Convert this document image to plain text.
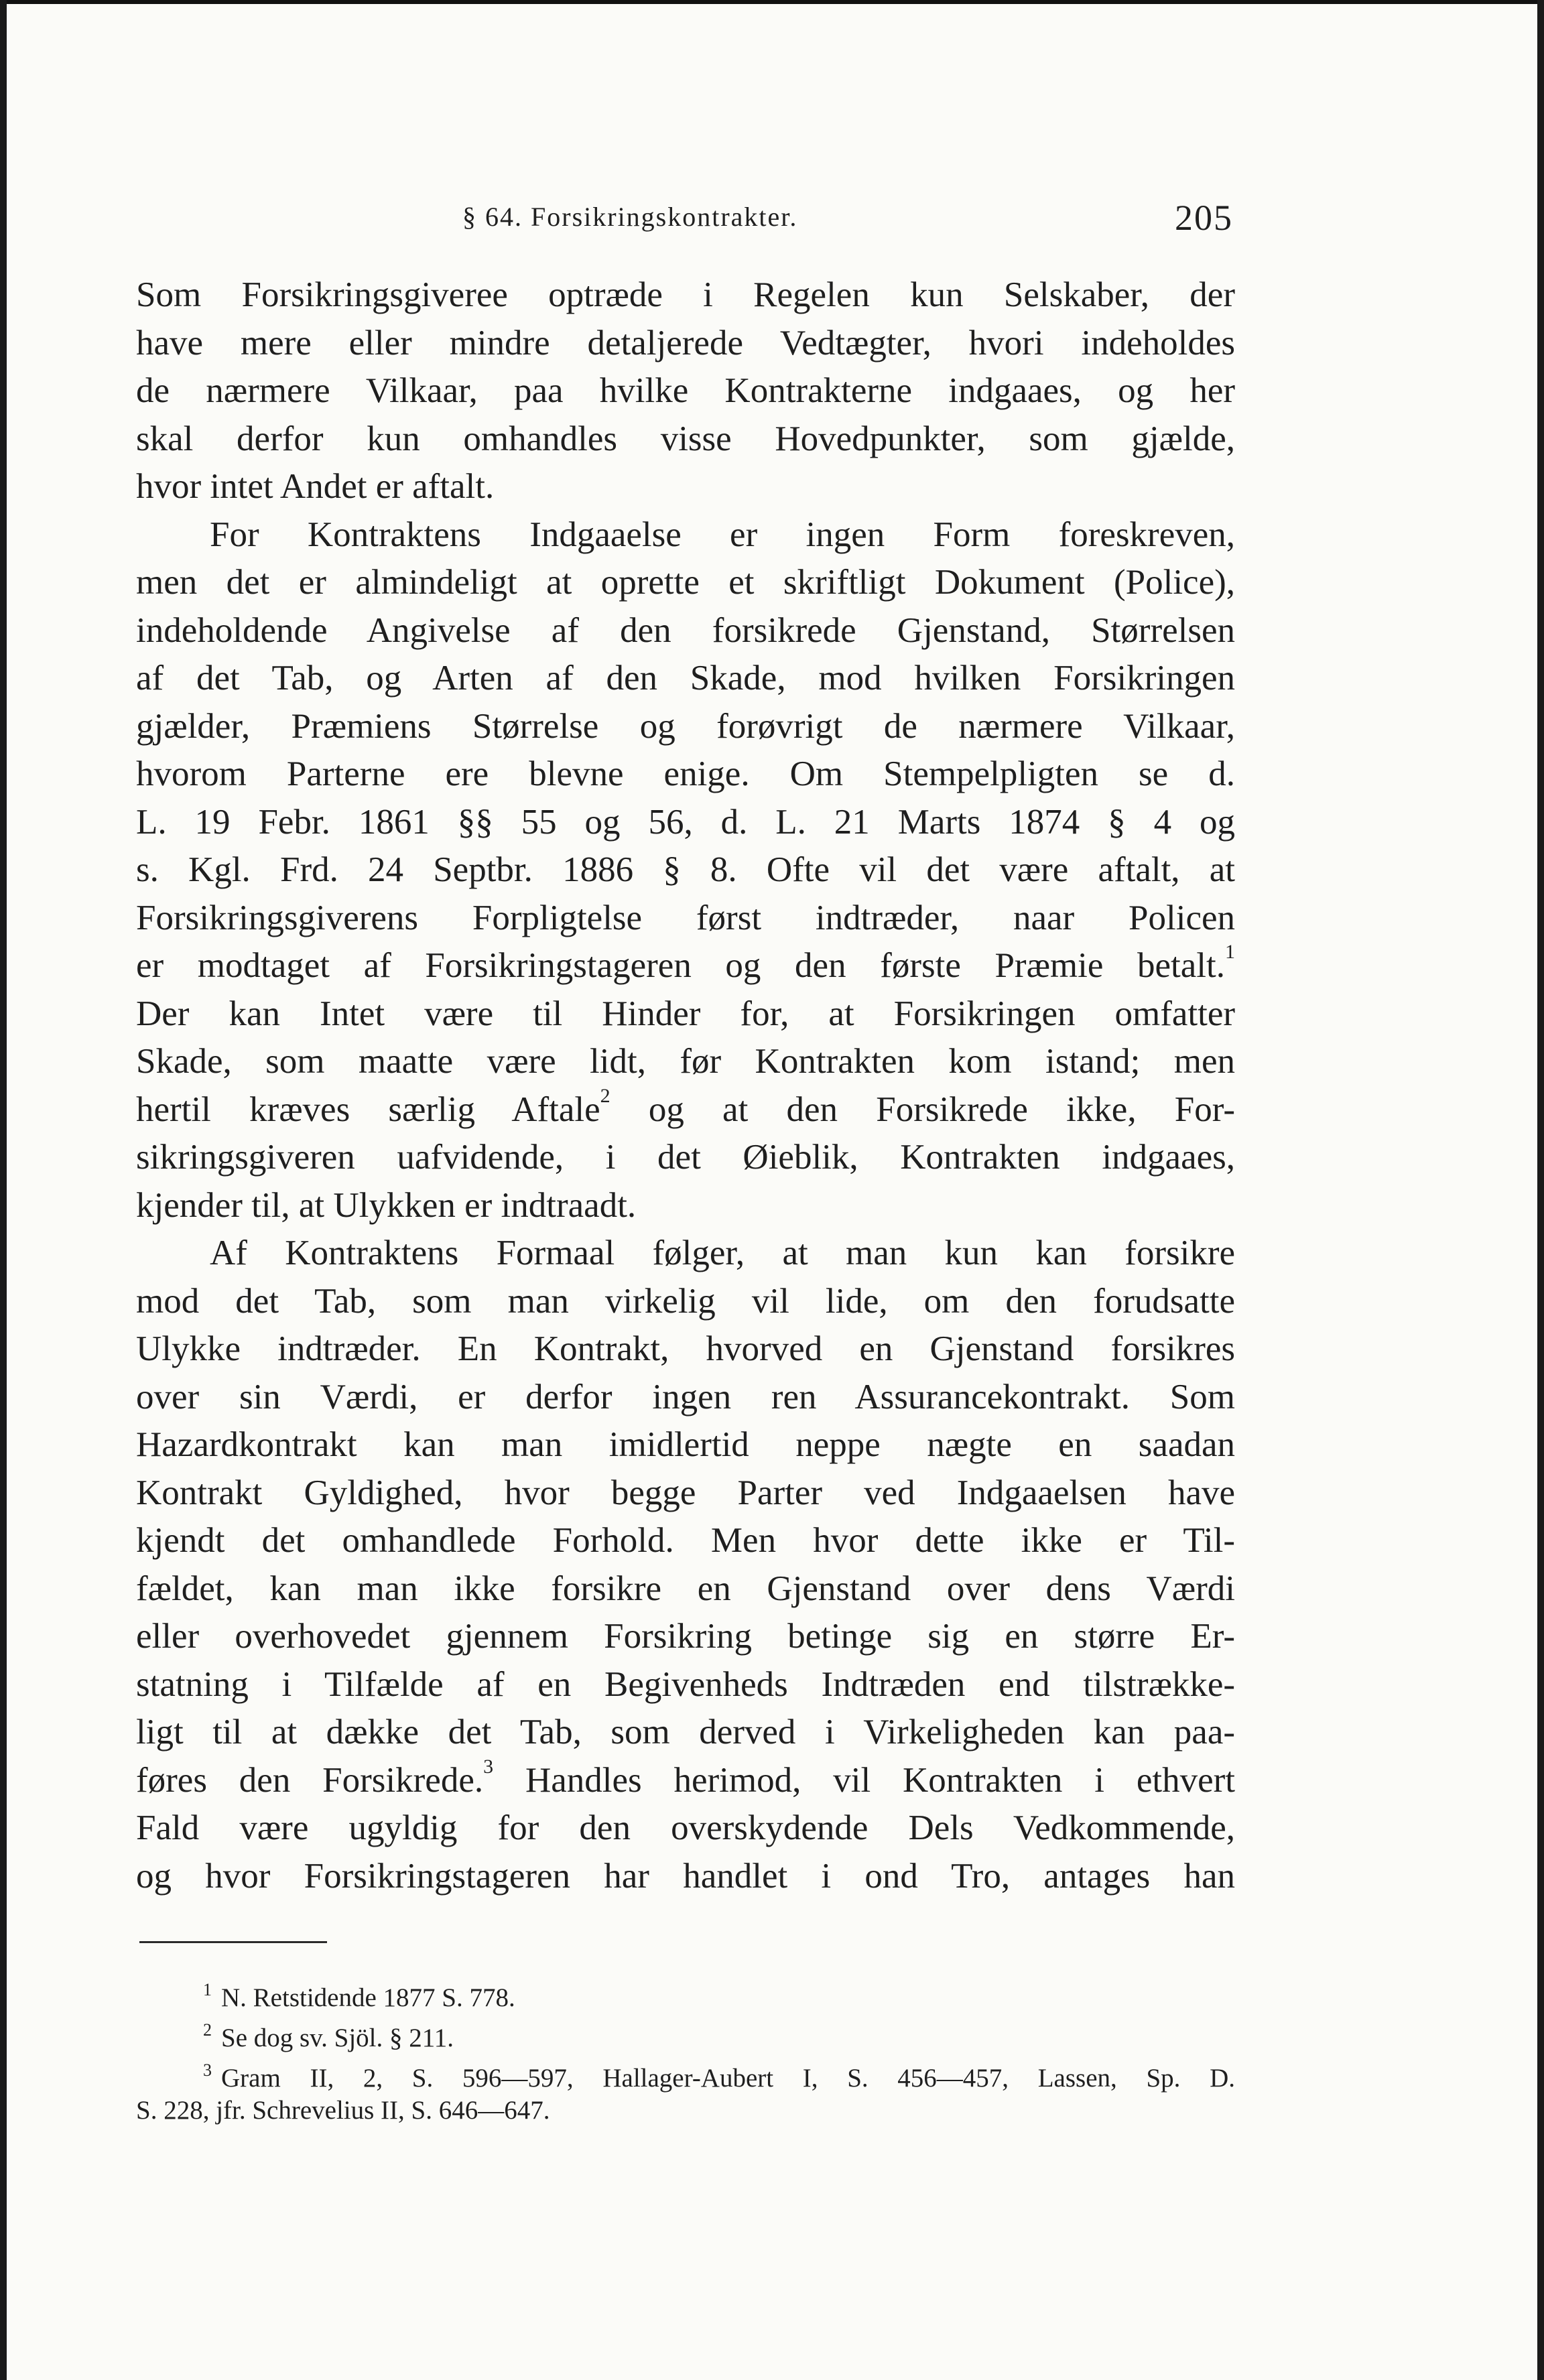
§ 64. Forsikringskontrakter.	205
Som Forsikringsgiveree optræde i Regelen kun Selskaber, der
have mere eller mindre detaljerede Vedtægter, hvori indeholdes
de nærmere Vilkaar, paa hvilke Kontrakterne indgaaes, og her
skal derfor kun omhandles visse Hovedpunkter, som gjælde,
hvor intet Andet er aftalt.
For Kontraktens Indgaaelse er ingen Form foreskreven,
men det er almindeligt at oprette et skriftligt Dokument (Police),
indeholdende Angivelse af den forsikrede Gjenstand, Størrelsen
af det Tab, og Arten af den Skade, mod hvilken Forsikringen
gjælder, Præmiens Størrelse og forøvrigt de nærmere Vilkaar,
hvorom Parterne ere blevne enige. Om Stempelpligten se d.
L. 19 Febr. 1861 §§ 55 og 56, d. L. 21 Marts 1874 § 4 og
s. Kgl. Frd. 24 Septbr. 1886 § 8. Ofte vil det være aftalt, at
Forsikringsgiverens Forpligtelse først indtræder, naar Policen
er modtaget af Forsikringstageren og den første Præmie betalt.$^1$
Der kan Intet være til Hinder for, at Forsikringen omfatter
Skade, som maatte være lidt, før Kontrakten kom istand; men
hertil kræves særlig Aftale$^2$ og at den Forsikrede ikke, For-
sikringsgiveren uafvidende, i det Øieblik, Kontrakten indgaaes,
kjender til, at Ulykken er indtraadt.
Af Kontraktens Formaal følger, at man kun kan forsikre
mod det Tab, som man virkelig vil lide, om den forudsatte
Ulykke indtræder. En Kontrakt, hvorved en Gjenstand forsikres
over sin Værdi, er derfor ingen ren Assurancekontrakt. Som
Hazardkontrakt kan man imidlertid neppe nægte en saadan
Kontrakt Gyldighed, hvor begge Parter ved Indgaaelsen have
kjendt det omhandlede Forhold. Men hvor dette ikke er Til-
fældet, kan man ikke forsikre en Gjenstand over dens Værdi
eller overhovedet gjennem Forsikring betinge sig en større Er-
statning i Tilfælde af en Begivenheds Indtræden end tilstrække-
ligt til at dække det Tab, som derved i Virkeligheden kan paa-
føres den Forsikrede.$^3$ Handles herimod, vil Kontrakten i ethvert
Fald være ugyldig for den overskydende Dels Vedkommende,
og hvor Forsikringstageren har handlet i ond Tro, antages han
$^1$ N. Retstidende 1877 S. 778.
$^2$ Se dog sv. Sjöl. § 211.
$^3$ Gram II, 2, S. 596—597, Hallager-Aubert I, S. 456—457, Lassen, Sp. D.
S. 228, jfr. Schrevelius II, S. 646—647.
